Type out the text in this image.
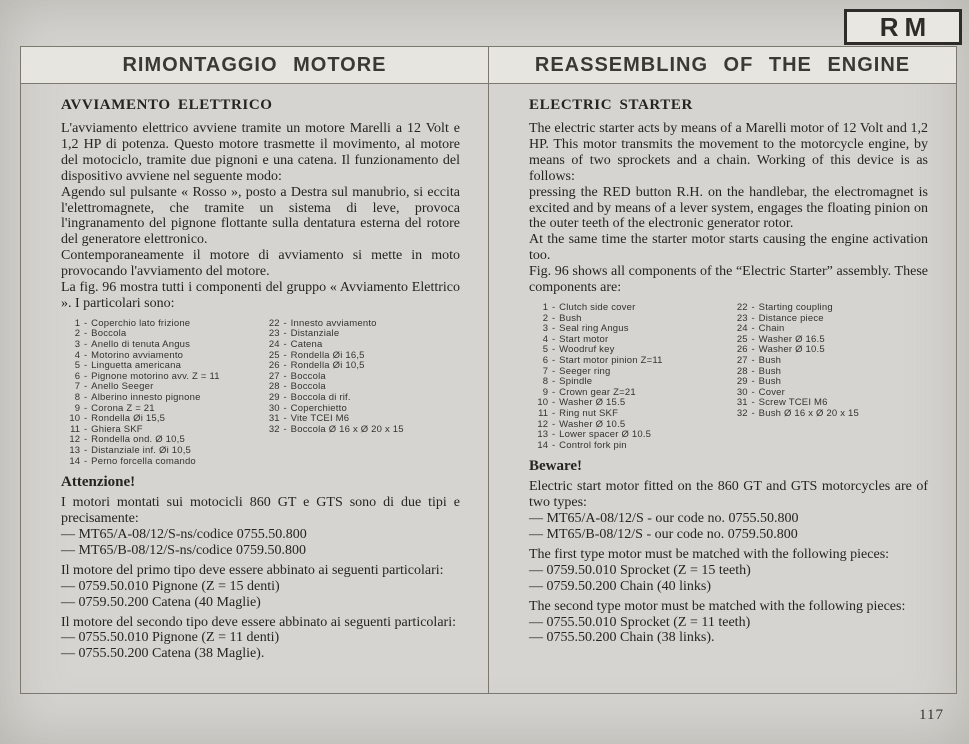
RM
RIMONTAGGIO MOTORE	REASSEMBLING OF THE ENGINE
AVVIAMENTO ELETTRICO

L'avviamento elettrico avviene tramite un motore Marelli a 12 Volt e 1,2 HP di potenza. Questo motore trasmette il movimento, al motore del motociclo, tramite due pignoni e una catena. Il funzionamento del dispositivo avviene nel seguente modo:

Agendo sul pulsante « Rosso », posto a Destra sul manubrio, si eccita l'elettromagnete, che tramite un sistema di leve, provoca l'ingranamento del pignone flottante sulla dentatura esterna del rotore del generatore elettronico.

Contemporaneamente il motore di avviamento si mette in moto provocando l'avviamento del motore.

La fig. 96 mostra tutti i componenti del gruppo « Avviamento Elettrico ». I particolari sono:

1 - Coperchio lato frizione
2 - Boccola
3 - Anello di tenuta Angus
4 - Motorino avviamento
5 - Linguetta americana
6 - Pignone motorino avv. Z = 11
7 - Anello Seeger
8 - Alberino innesto pignone
9 - Corona Z = 21
10 - Rondella Øi 15,5
11 - Ghiera SKF
12 - Rondella ond. Ø 10,5
13 - Distanziale inf. Øi 10,5
14 - Perno forcella comando
22 - Innesto avviamento
23 - Distanziale
24 - Catena
25 - Rondella Øi 16,5
26 - Rondella Øi 10,5
27 - Boccola
28 - Boccola
29 - Boccola di rif.
30 - Coperchietto
31 - Vite TCEI M6
32 - Boccola Ø 16 x Ø 20 x 15
Attenzione!
I motori montati sui motocicli 860 GT e GTS sono di due tipi e precisamente:
— MT65/A-08/12/S-ns/codice 0755.50.800
— MT65/B-08/12/S-ns/codice 0759.50.800
Il motore del primo tipo deve essere abbinato ai seguenti particolari:
— 0759.50.010 Pignone (Z = 15 denti)
— 0759.50.200 Catena (40 Maglie)
Il motore del secondo tipo deve essere abbinato ai seguenti particolari:
— 0755.50.010 Pignone (Z = 11 denti)
— 0755.50.200 Catena (38 Maglie).
ELECTRIC STARTER

The electric starter acts by means of a Marelli motor of 12 Volt and 1,2 HP. This motor transmits the movement to the motorcycle engine, by means of two sprockets and a chain. Working of this device is as follows:

pressing the RED button R.H. on the handlebar, the electromagnet is excited and by means of a lever system, engages the floating pinion on the outer teeth of the electronic generator rotor.

At the same time the starter motor starts causing the engine activation too.

Fig. 96 shows all components of the “Electric Starter” assembly. These components are:

1 - Clutch side cover
2 - Bush
3 - Seal ring Angus
4 - Start motor
5 - Woodruf key
6 - Start motor pinion Z=11
7 - Seeger ring
8 - Spindle
9 - Crown gear Z=21
10 - Washer Ø 15.5
11 - Ring nut SKF
12 - Washer Ø 10.5
13 - Lower spacer Ø 10.5
14 - Control fork pin
22 - Starting coupling
23 - Distance piece
24 - Chain
25 - Washer Ø 16.5
26 - Washer Ø 10.5
27 - Bush
28 - Bush
29 - Bush
30 - Cover
31 - Screw TCEI M6
32 - Bush Ø 16 x Ø 20 x 15
Beware!
Electric start motor fitted on the 860 GT and GTS motorcycles are of two types:
— MT65/A-08/12/S - our code no. 0755.50.800
— MT65/B-08/12/S - our code no. 0759.50.800
The first type motor must be matched with the following pieces:
— 0759.50.010 Sprocket (Z = 15 teeth)
— 0759.50.200 Chain (40 links)
The second type motor must be matched with the following pieces:
— 0755.50.010 Sprocket (Z = 11 teeth)
— 0755.50.200 Chain (38 links).
117
